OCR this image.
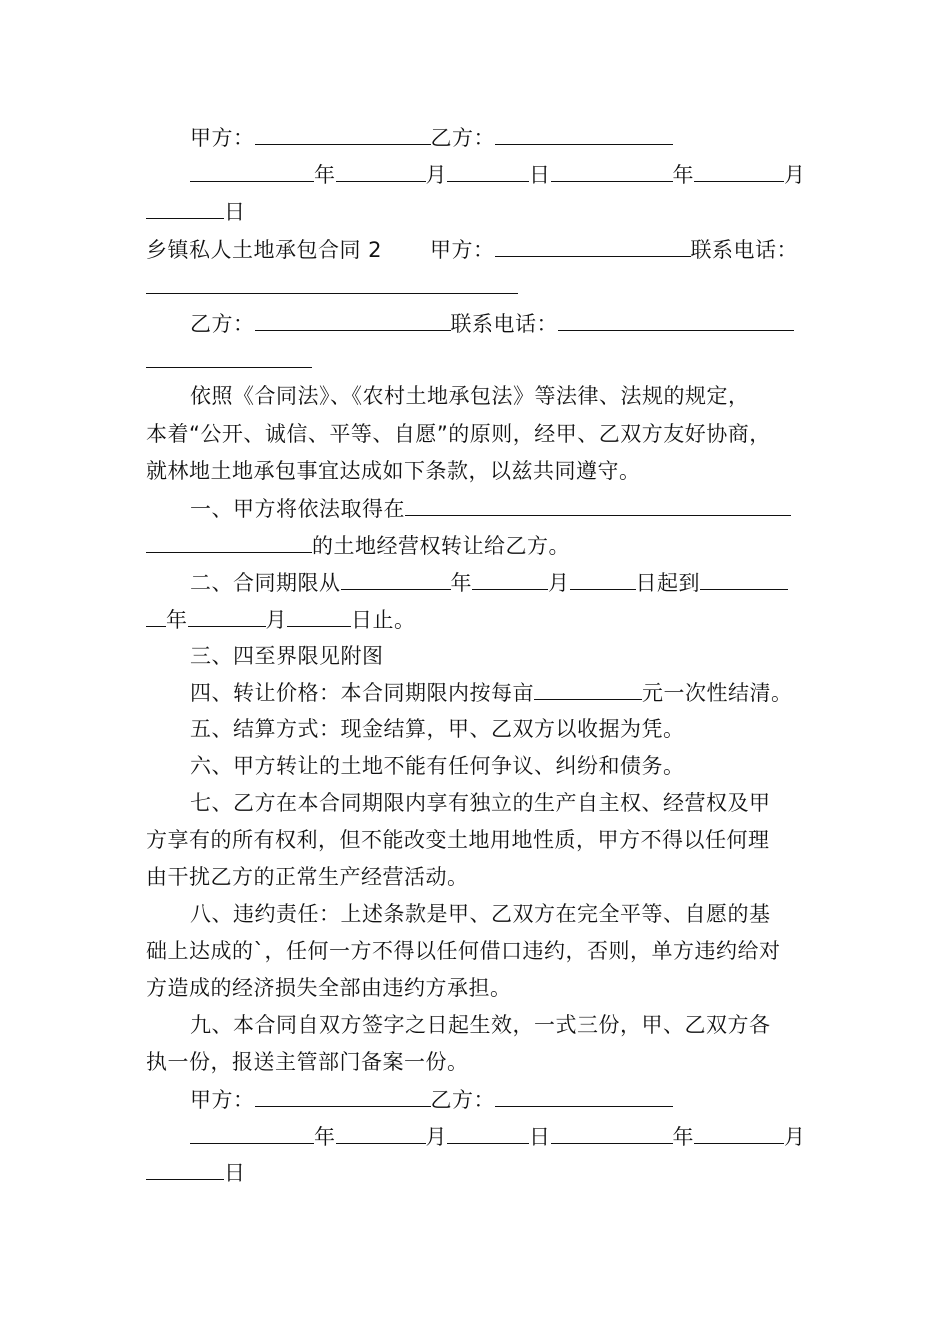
甲方：	乙方：
年	月	日	年	月
日
乡镇私人土地承包合同 2 甲方：	联系电话：
乙方：	联系电话：
依照《合同法》、《农村土地承包法》等法律、法规的规定，
本着“公开、诚信、平等、自愿”的原则，经甲、乙双方友好协商，
就林地土地承包事宜达成如下条款，以兹共同遵守。
一、甲方将依法取得在
的土地经营权转让给乙方。
二、合同期限从	年	月	日起到
年	月	日止。
三、四至界限见附图
四、转让价格：本合同期限内按每亩	元一次性结清。
五、结算方式：现金结算，甲、乙双方以收据为凭。
六、甲方转让的土地不能有任何争议、纠纷和债务。
七、乙方在本合同期限内享有独立的生产自主权、经营权及甲
方享有的所有权利，但不能改变土地用地性质，甲方不得以任何理
由干扰乙方的正常生产经营活动。
八、违约责任：上述条款是甲、乙双方在完全平等、自愿的基
础上达成的`，任何一方不得以任何借口违约，否则，单方违约给对
方造成的经济损失全部由违约方承担。
九、本合同自双方签字之日起生效，一式三份，甲、乙双方各
执一份，报送主管部门备案一份。
甲方：	乙方：
年	月	日	年	月
日
